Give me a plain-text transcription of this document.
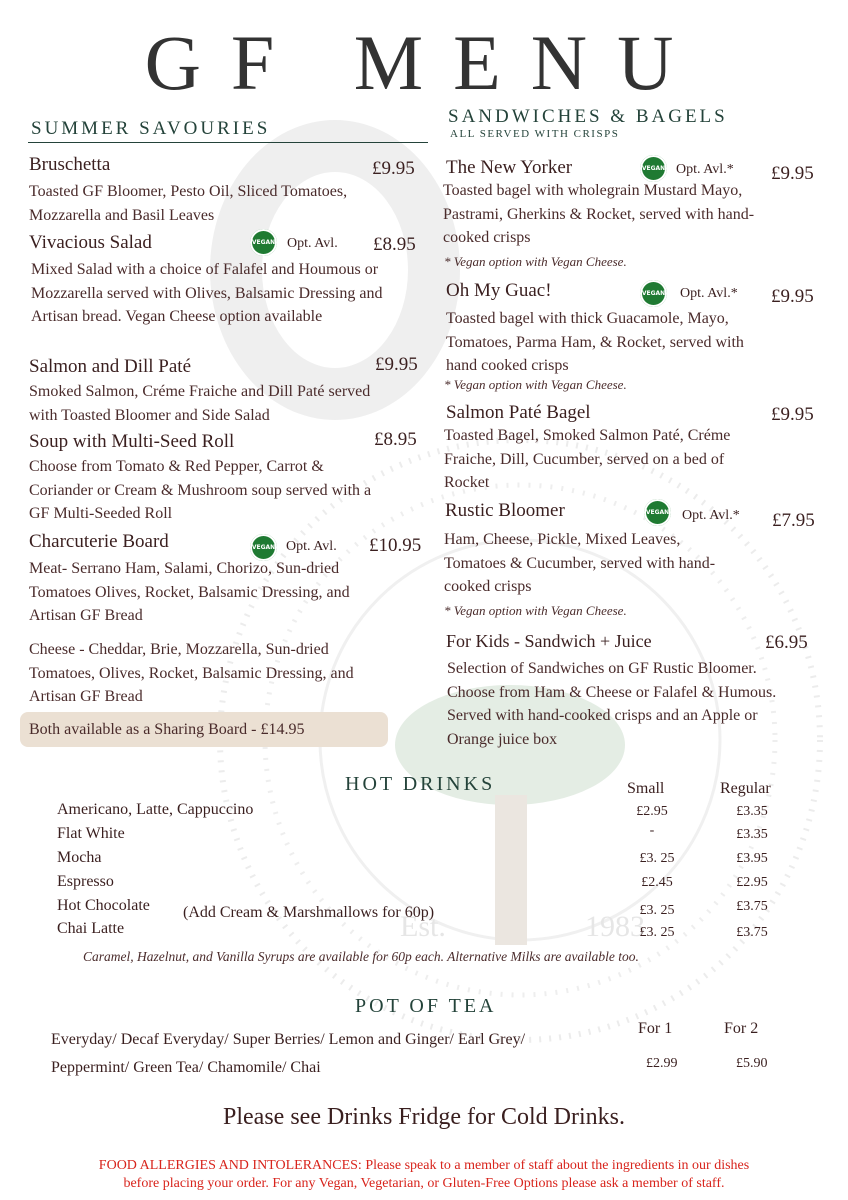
Est.	1983
GF MENU
SUMMER SAVOURIES
SANDWICHES & BAGELS
ALL SERVED WITH CRISPS
Bruschetta	£9.95
Toasted GF Bloomer, Pesto Oil, Sliced Tomatoes, Mozzarella and Basil Leaves
Vivacious Salad	VEGAN Opt. Avl. £8.95
Mixed Salad with a choice of Falafel and Houmous or Mozzarella served with Olives, Balsamic Dressing and Artisan bread. Vegan Cheese option available
Salmon and Dill Paté	£9.95
Smoked Salmon, Créme Fraiche and Dill Paté served with Toasted Bloomer and Side Salad
Soup with Multi-Seed Roll	£8.95
Choose from Tomato & Red Pepper, Carrot & Coriander or Cream & Mushroom soup served with a GF Multi-Seeded Roll
Charcuterie Board	VEGAN Opt. Avl. £10.95
Meat- Serrano Ham, Salami, Chorizo, Sun-dried Tomatoes Olives, Rocket, Balsamic Dressing, and Artisan GF Bread
Cheese - Cheddar, Brie, Mozzarella, Sun-dried Tomatoes, Olives, Rocket, Balsamic Dressing, and Artisan GF Bread
Both available as a Sharing Board - £14.95
The New Yorker	VEGAN Opt. Avl.* £9.95
Toasted bagel with wholegrain Mustard Mayo, Pastrami, Gherkins & Rocket, served with hand-cooked crisps
* Vegan option with Vegan Cheese.
Oh My Guac!	VEGAN Opt. Avl.* £9.95
Toasted bagel with thick Guacamole, Mayo, Tomatoes, Parma Ham, & Rocket, served with hand cooked crisps
* Vegan option with Vegan Cheese.
Salmon Paté Bagel	£9.95
Toasted Bagel, Smoked Salmon Paté, Créme Fraiche, Dill, Cucumber, served on a bed of Rocket
Rustic Bloomer	VEGAN Opt. Avl.* £7.95
Ham, Cheese, Pickle, Mixed Leaves, Tomatoes & Cucumber, served with hand-cooked crisps
* Vegan option with Vegan Cheese.
For Kids - Sandwich + Juice	£6.95
Selection of Sandwiches on GF Rustic Bloomer. Choose from Ham & Cheese or Falafel & Humous. Served with hand-cooked crisps and an Apple or Orange juice box
HOT DRINKS	Small	Regular
Americano, Latte, Cappuccino	£2.95	£3.35
Flat White	-	£3.35
Mocha	£3. 25	£3.95
Espresso	£2.45	£2.95
Hot Chocolate (Add Cream & Marshmallows for 60p)	£3. 25	£3.75
Chai Latte	£3. 25	£3.75
Caramel, Hazelnut, and Vanilla Syrups are available for 60p each. Alternative Milks are available too.
POT OF TEA
For 1	For 2
Everyday/ Decaf Everyday/ Super Berries/ Lemon and Ginger/ Earl Grey/
Peppermint/ Green Tea/ Chamomile/ Chai	£2.99	£5.90
Please see Drinks Fridge for Cold Drinks.
FOOD ALLERGIES AND INTOLERANCES: Please speak to a member of staff about the ingredients in our dishes
before placing your order. For any Vegan, Vegetarian, or Gluten-Free Options please ask a member of staff.
